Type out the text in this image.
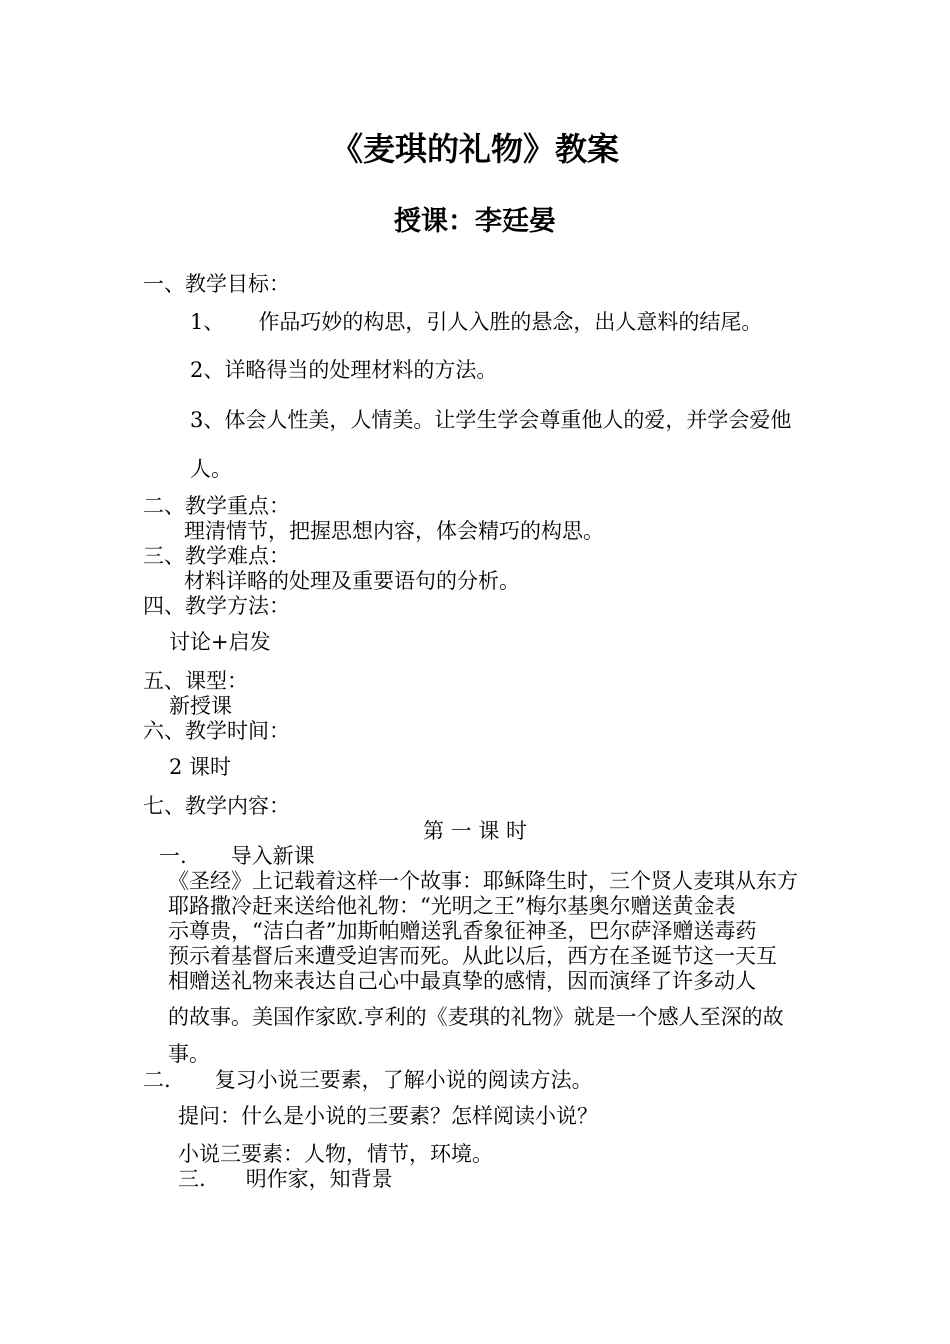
《麦琪的礼物》教案
授课：李廷晏
一、教学目标：
1、 作品巧妙的构思，引人入胜的悬念，出人意料的结尾。
2、详略得当的处理材料的方法。
3、体会人性美，人情美。让学生学会尊重他人的爱，并学会爱他
人。
二、教学重点：
理清情节，把握思想内容，体会精巧的构思。
三、教学难点：
材料详略的处理及重要语句的分析。
四、教学方法：
讨论+启发
五、课型：
新授课
六、教学时间：
2 课时
七、教学内容：
第 一 课 时
一. 导入新课
《圣经》上记载着这样一个故事：耶稣降生时，三个贤人麦琪从东方
耶路撒冷赶来送给他礼物：“光明之王”梅尔基奥尔赠送黄金表
示尊贵，“洁白者”加斯帕赠送乳香象征神圣，巴尔萨泽赠送毒药
预示着基督后来遭受迫害而死。从此以后，西方在圣诞节这一天互
相赠送礼物来表达自己心中最真挚的感情，因而演绎了许多动人
的故事。美国作家欧.亨利的《麦琪的礼物》就是一个感人至深的故
事。
二. 复习小说三要素，了解小说的阅读方法。
提问：什么是小说的三要素？怎样阅读小说？
小说三要素：人物，情节，环境。
三. 明作家，知背景
